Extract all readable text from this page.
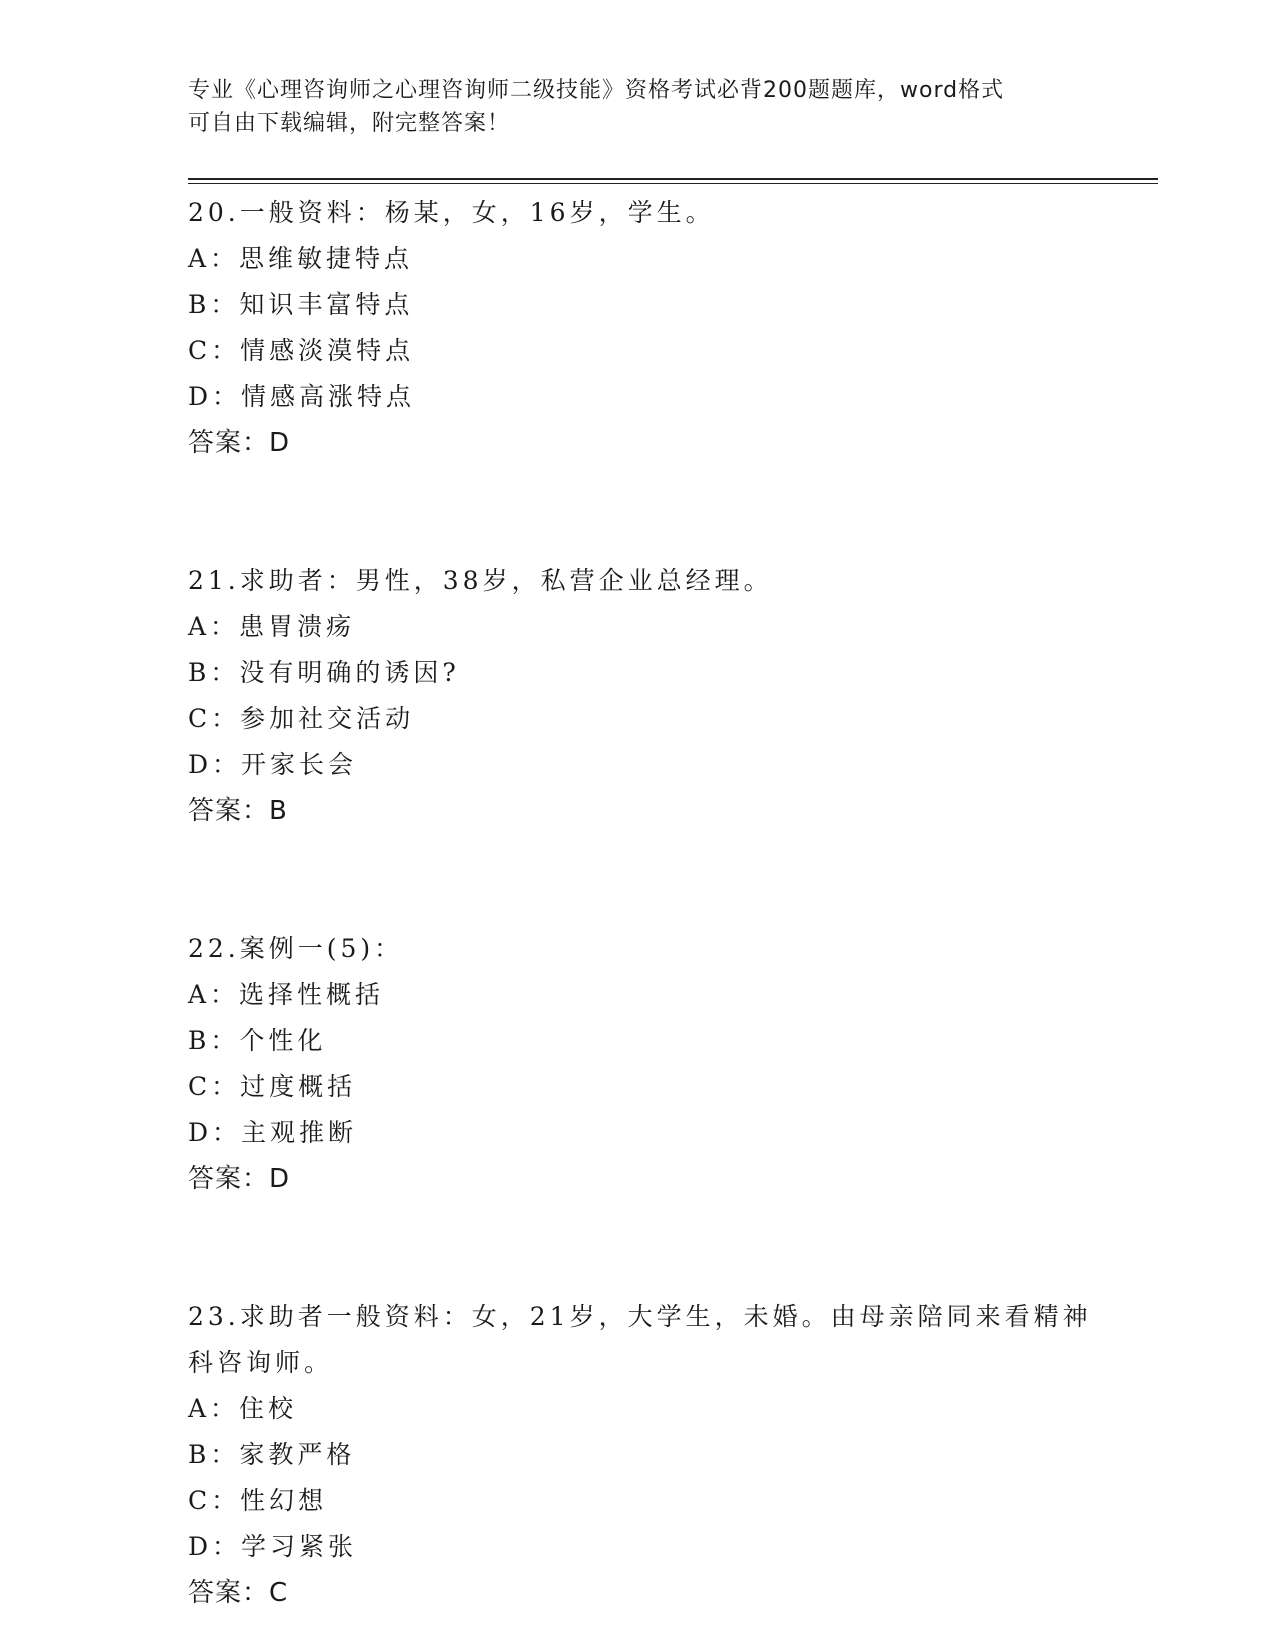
专业《心理咨询师之心理咨询师二级技能》资格考试必背200题题库，word格式
可自由下载编辑，附完整答案！
20.一般资料：杨某，女，16岁，学生。
A：思维敏捷特点
B：知识丰富特点
C：情感淡漠特点
D：情感高涨特点
答案：D
21.求助者：男性，38岁，私营企业总经理。
A：患胃溃疡
B：没有明确的诱因?
C：参加社交活动
D：开家长会
答案：B
22.案例一(5)：
A：选择性概括
B：个性化
C：过度概括
D：主观推断
答案：D
23.求助者一般资料：女，21岁，大学生，未婚。由母亲陪同来看精神
科咨询师。
A：住校
B：家教严格
C：性幻想
D：学习紧张
答案：C
